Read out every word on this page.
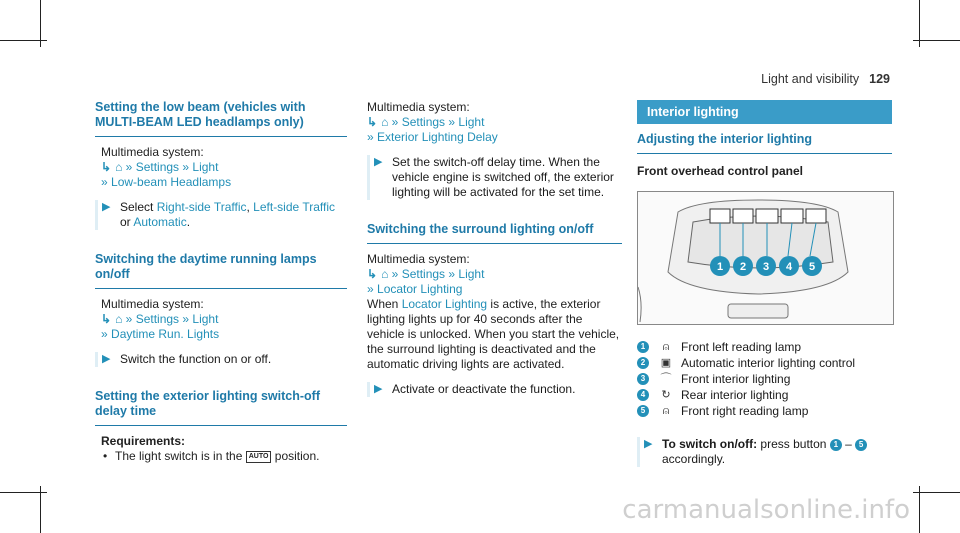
Light and visibility 129
Setting the low beam (vehicles with MULTI-BEAM LED headlamps only)

Multimedia system:

↳ ⌂ » Settings » Light
» Low-beam Headlamps
▶ Select Right-side Traffic, Left-side Traffic or Automatic.
Switching the daytime running lamps on/off

Multimedia system:

↳ ⌂ » Settings » Light
» Daytime Run. Lights
▶ Switch the function on or off.
Setting the exterior lighting switch-off delay time

Requirements:

• The light switch is in the AUTO position.

Multimedia system:

↳ ⌂ » Settings » Light
» Exterior Lighting Delay
▶ Set the switch-off delay time. When the vehicle engine is switched off, the exterior lighting will be activated for the set time.
Switching the surround lighting on/off

Multimedia system:

↳ ⌂ » Settings » Light
» Locator Lighting

When Locator Lighting is active, the exterior lighting lights up for 40 seconds after the vehicle is unlocked. When you start the vehicle, the surround lighting is deactivated and the automatic driving lights are activated.

▶ Activate or deactivate the function.
Interior lighting
Adjusting the interior lighting

Front overhead control panel

1 2 3 4 5
1	⍝ Front left reading lamp
2	▣ Automatic interior lighting control
3	⌒ Front interior lighting
4	↻ Rear interior lighting
5	⍝ Front right reading lamp
▶ To switch on/off: press button 1 – 5
accordingly.
carmanualsonline.info
